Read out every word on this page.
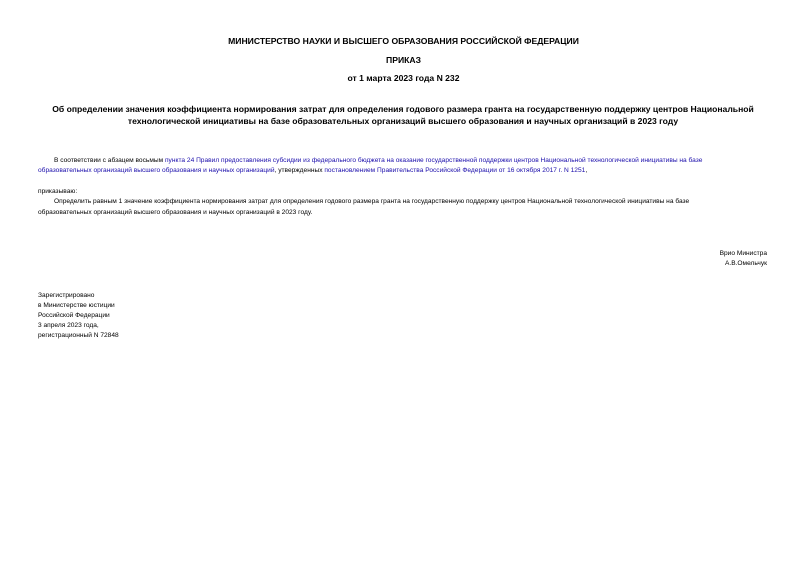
МИНИСТЕРСТВО НАУКИ И ВЫСШЕГО ОБРАЗОВАНИЯ РОССИЙСКОЙ ФЕДЕРАЦИИ
ПРИКАЗ
от 1 марта 2023 года N 232
Об определении значения коэффициента нормирования затрат для определения годового размера гранта на государственную поддержку центров Национальной
технологической инициативы на базе образовательных организаций высшего образования и научных организаций в 2023 году
В соответствии с абзацем восьмым пункта 24 Правил предоставления субсидии из федерального бюджета на оказание государственной поддержки центров Национальной технологической инициативы на базе
образовательных организаций высшего образования и научных организаций, утвержденных постановлением Правительства Российской Федерации от 16 октября 2017 г. N 1251,
приказываю:
Определить равным 1 значение коэффициента нормирования затрат для определения годового размера гранта на государственную поддержку центров Национальной технологической инициативы на базе
образовательных организаций высшего образования и научных организаций в 2023 году.
Врио Министра
А.В.Омельчук
Зарегистрировано
в Министерстве юстиции
Российской Федерации
3 апреля 2023 года,
регистрационный N 72848
